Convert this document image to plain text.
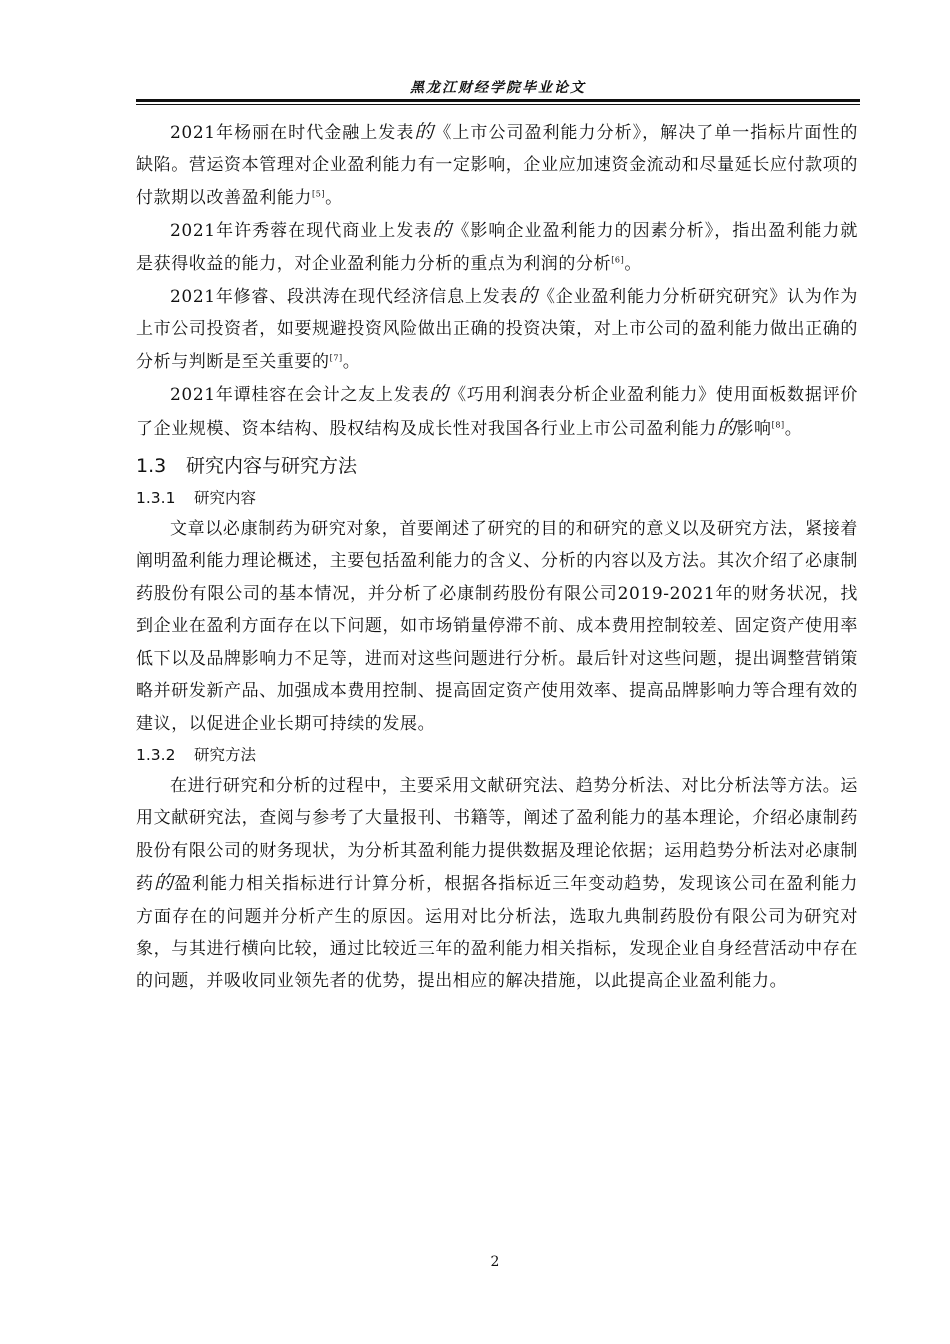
黑龙江财经学院毕业论文

2021年杨丽在时代金融上发表的《上市公司盈利能力分析》，解决了单一指标片面性的缺陷。营运资本管理对企业盈利能力有一定影响，企业应加速资金流动和尽量延长应付款项的付款期以改善盈利能力[5]。

2021年许秀蓉在现代商业上发表的《影响企业盈利能力的因素分析》，指出盈利能力就是获得收益的能力，对企业盈利能力分析的重点为利润的分析[6]。

2021年修睿、段洪涛在现代经济信息上发表的《企业盈利能力分析研究研究》认为作为上市公司投资者，如要规避投资风险做出正确的投资决策，对上市公司的盈利能力做出正确的分析与判断是至关重要的[7]。

2021年谭桂容在会计之友上发表的《巧用利润表分析企业盈利能力》使用面板数据评价了企业规模、资本结构、股权结构及成长性对我国各行业上市公司盈利能力的影响[8]。

1.3 研究内容与研究方法
1.3.1 研究内容

文章以必康制药为研究对象，首要阐述了研究的目的和研究的意义以及研究方法，紧接着阐明盈利能力理论概述，主要包括盈利能力的含义、分析的内容以及方法。其次介绍了必康制药股份有限公司的基本情况，并分析了必康制药股份有限公司2019-2021年的财务状况，找到企业在盈利方面存在以下问题，如市场销量停滞不前、成本费用控制较差、固定资产使用率低下以及品牌影响力不足等，进而对这些问题进行分析。最后针对这些问题，提出调整营销策略并研发新产品、加强成本费用控制、提高固定资产使用效率、提高品牌影响力等合理有效的建议，以促进企业长期可持续的发展。

1.3.2 研究方法

在进行研究和分析的过程中，主要采用文献研究法、趋势分析法、对比分析法等方法。运用文献研究法，查阅与参考了大量报刊、书籍等，阐述了盈利能力的基本理论，介绍必康制药股份有限公司的财务现状，为分析其盈利能力提供数据及理论依据；运用趋势分析法对必康制药的盈利能力相关指标进行计算分析，根据各指标近三年变动趋势，发现该公司在盈利能力方面存在的问题并分析产生的原因。运用对比分析法，选取九典制药股份有限公司为研究对象，与其进行横向比较，通过比较近三年的盈利能力相关指标，发现企业自身经营活动中存在的问题，并吸收同业领先者的优势，提出相应的解决措施，以此提高企业盈利能力。

2
